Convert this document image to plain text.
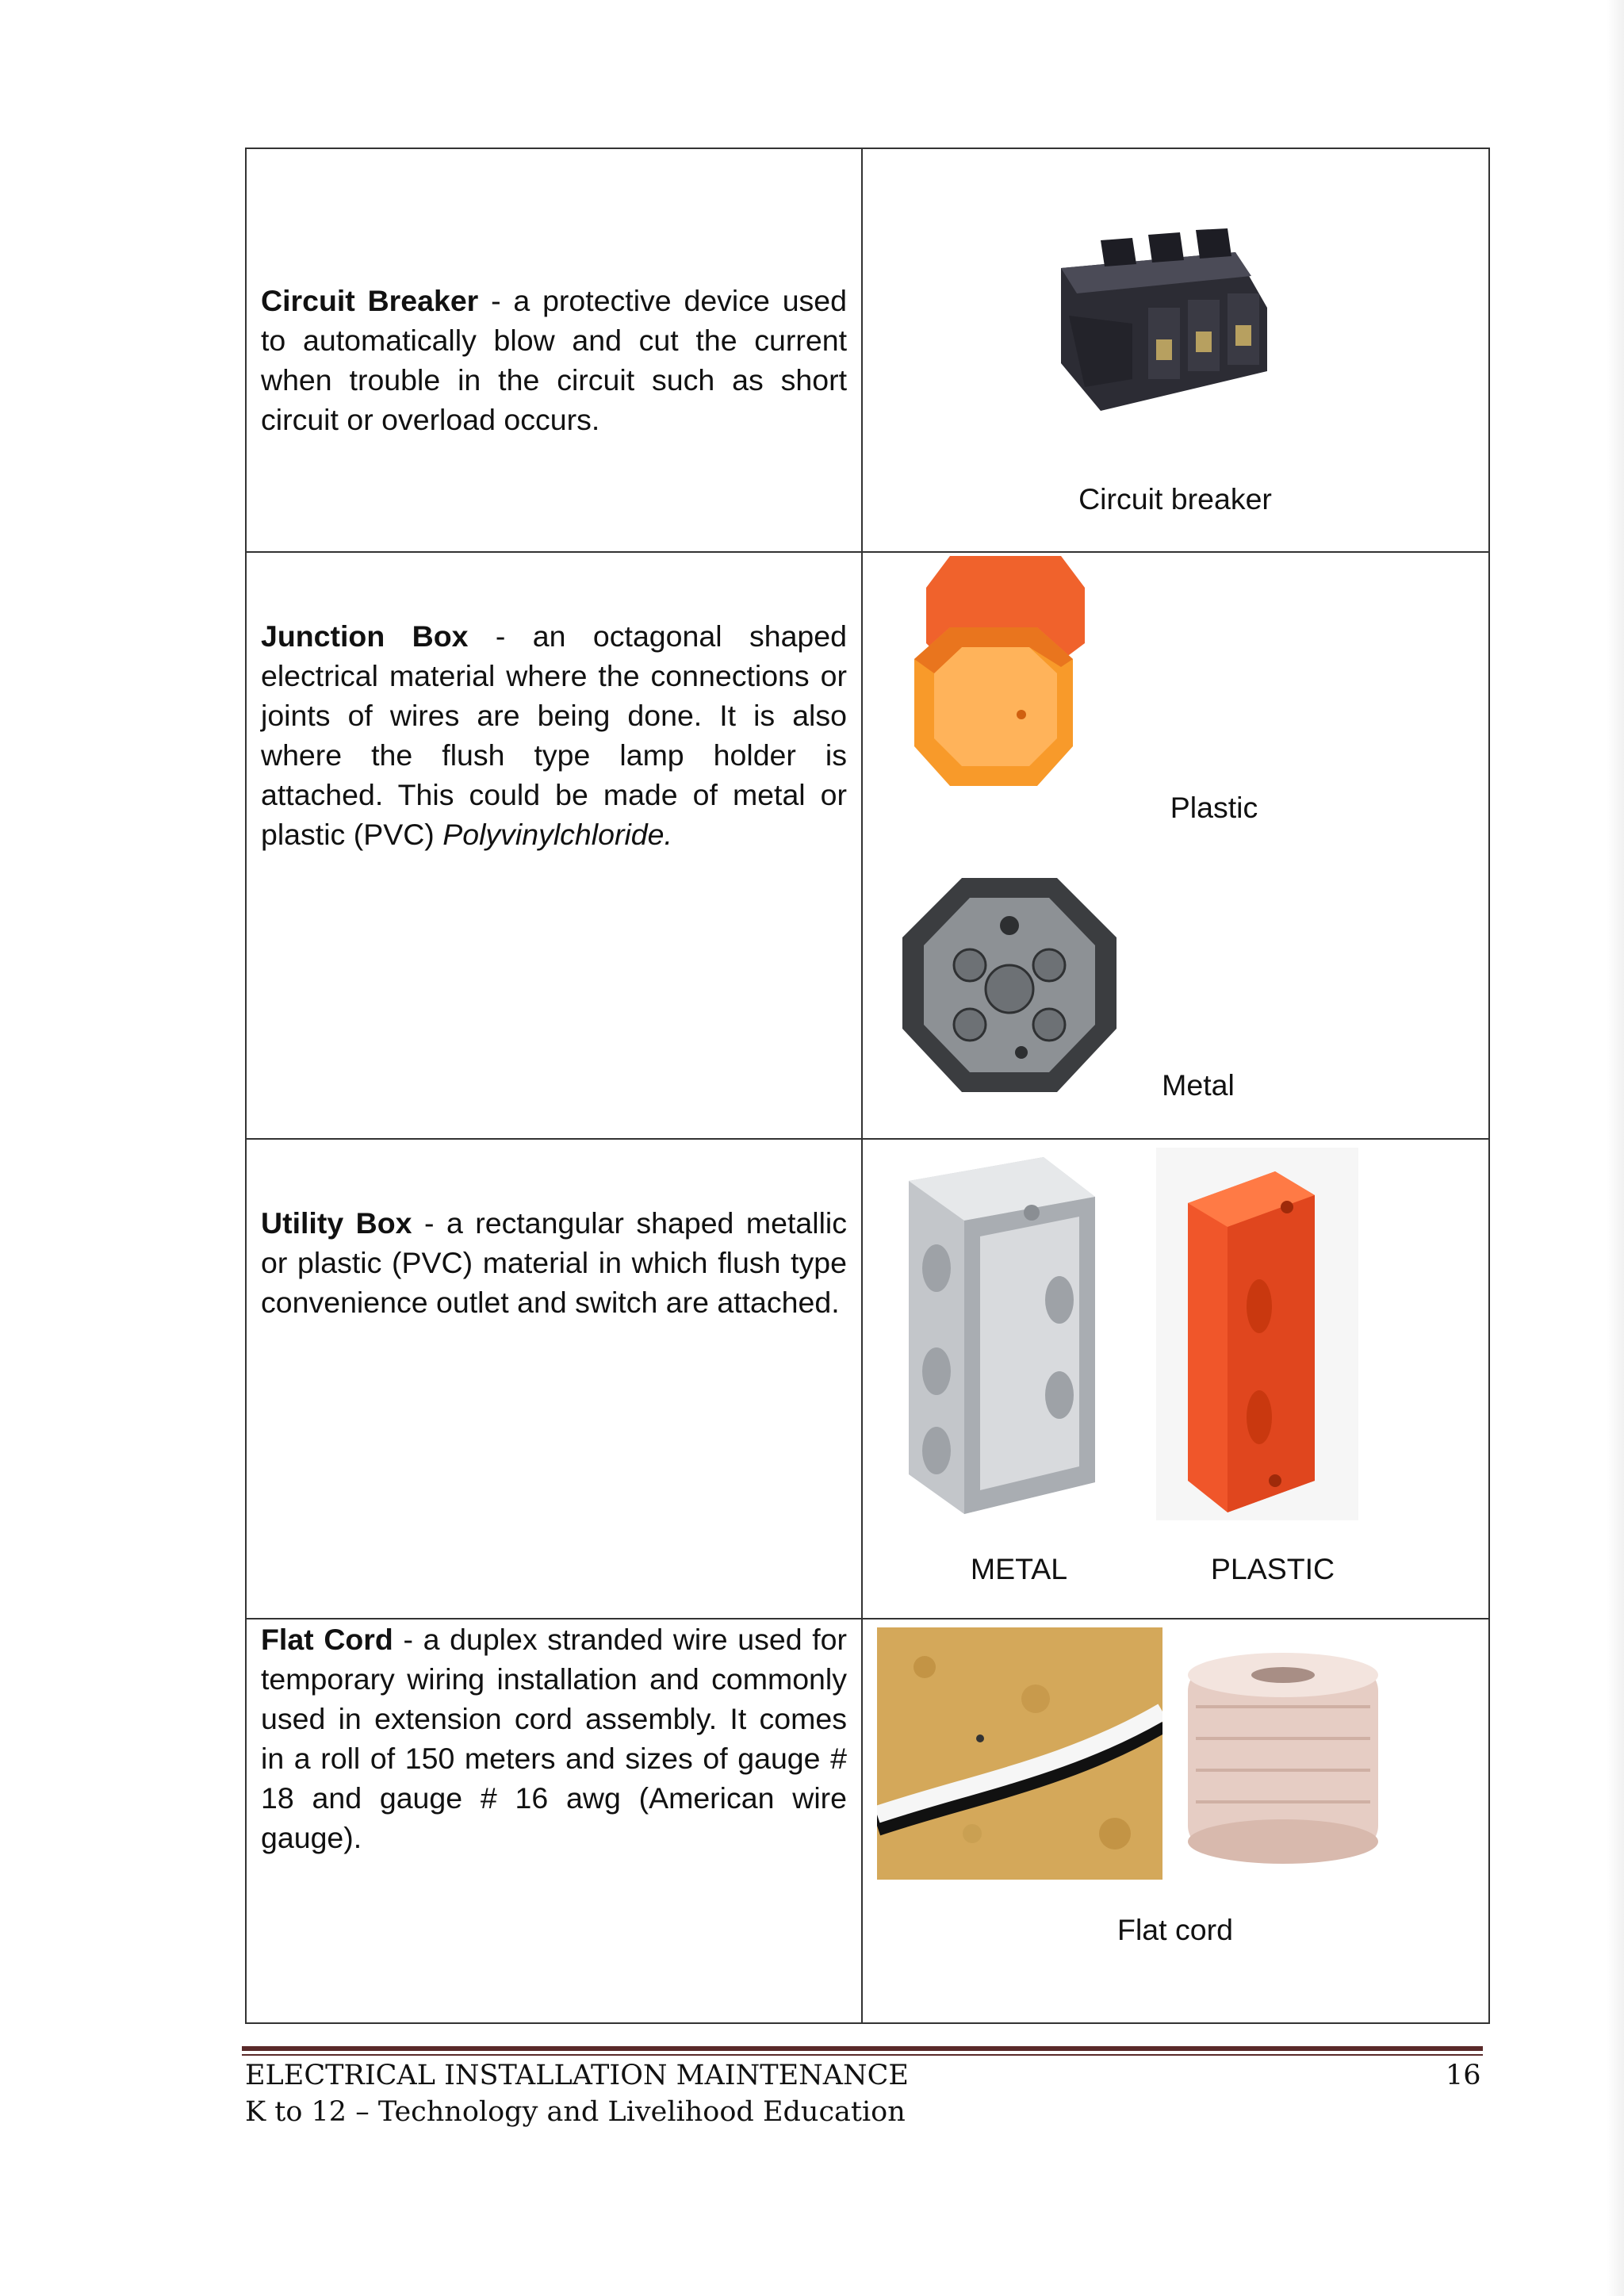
Circuit Breaker - a protective device used to automatically blow and cut the current when trouble in the circuit such as short circuit or overload occurs.	Circuit breaker

Junction Box - an octagonal shaped electrical material where the connections or joints of wires are being done. It is also where the flush type lamp holder is attached. This could be made of metal or plastic (PVC) Polyvinylchloride.	Plastic
Metal

Utility Box - a rectangular shaped metallic or plastic (PVC) material in which flush type convenience outlet and switch are attached.	METAL PLASTIC

Flat Cord - a duplex stranded wire used for temporary wiring installation and commonly used in extension cord assembly. It comes in a roll of 150 meters and sizes of gauge # 18 and gauge # 16 awg (American wire gauge).	Flat cord
ELECTRICAL INSTALLATION MAINTENANCE	16
K to 12 – Technology and Livelihood Education
